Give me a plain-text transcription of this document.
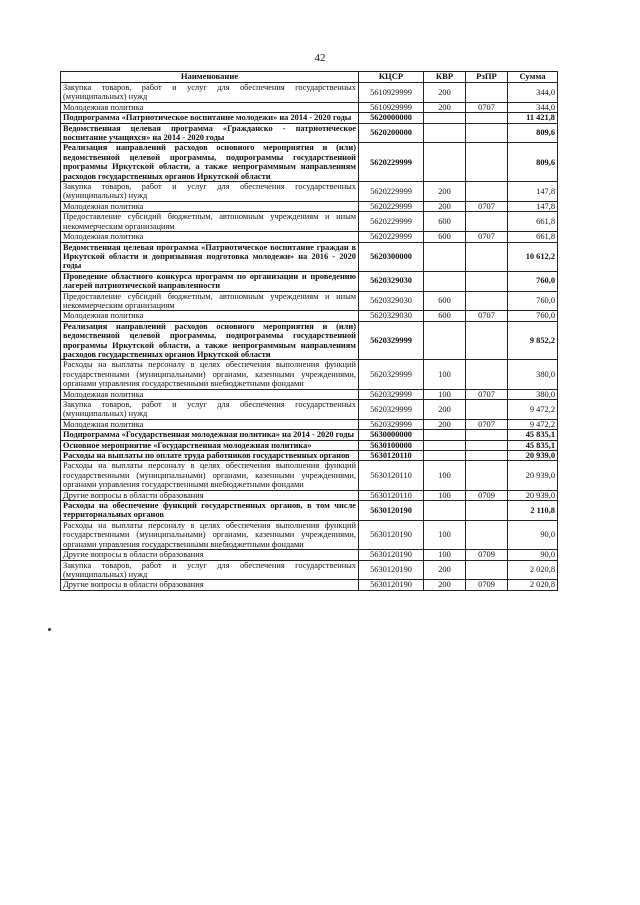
42
Наименование	КЦСР	КВР	РзПР	Сумма
Закупка товаров, работ и услуг для обеспечения государственных (муниципальных) нужд	5610929999	200		344,0
Молодежная политика	5610929999	200	0707	344,0
Подпрограмма «Патриотическое воспитание молодежи» на 2014 - 2020 годы	5620000000			11 421,8
Ведомственная целевая программа «Гражданско - патриотическое воспитание учащихся» на 2014 - 2020 годы	5620200000			809,6
Реализация направлений расходов основного мероприятия и (или) ведомственной целевой программы, подпрограммы государственной программы Иркутской области, а также непрограммным направлениям расходов государственных органов Иркутской области	5620229999			809,6
Закупка товаров, работ и услуг для обеспечения государственных (муниципальных) нужд	5620229999	200		147,8
Молодежная политика	5620229999	200	0707	147,8
Предоставление субсидий бюджетным, автономным учреждениям и иным некоммерческим организациям	5620229999	600		661,8
Молодежная политика	5620229999	600	0707	661,8
Ведомственная целевая программа «Патриотическое воспитание граждан в Иркутской области и допризывная подготовка молодежи» на 2016 - 2020 годы	5620300000			10 612,2
Проведение областного конкурса программ по организации и проведению лагерей патриотической направленности	5620329030			760,0
Предоставление субсидий бюджетным, автономным учреждениям и иным некоммерческим организациям	5620329030	600		760,0
Молодежная политика	5620329030	600	0707	760,0
Реализация направлений расходов основного мероприятия и (или) ведомственной целевой программы, подпрограммы государственной программы Иркутской области, а также непрограммным направлениям расходов государственных органов Иркутской области	5620329999			9 852,2
Расходы на выплаты персоналу в целях обеспечения выполнения функций государственными (муниципальными) органами, казенными учреждениями, органами управления государственными внебюджетными фондами	5620329999	100		380,0
Молодежная политика	5620329999	100	0707	380,0
Закупка товаров, работ и услуг для обеспечения государственных (муниципальных) нужд	5620329999	200		9 472,2
Молодежная политика	5620329999	200	0707	9 472,2
Подпрограмма «Государственная молодежная политика» на 2014 - 2020 годы	5630000000			45 835,1
Основное мероприятие «Государственная молодежная политика»	5630100000			45 835,1
Расходы на выплаты по оплате труда работников государственных органов	5630120110			20 939,0
Расходы на выплаты персоналу в целях обеспечения выполнения функций государственными (муниципальными) органами, казенными учреждениями, органами управления государственными внебюджетными фондами	5630120110	100		20 939,0
Другие вопросы в области образования	5630120110	100	0709	20 939,0
Расходы на обеспечение функций государственных органов, в том числе территориальных органов	5630120190			2 110,8
Расходы на выплаты персоналу в целях обеспечения выполнения функций государственными (муниципальными) органами, казенными учреждениями, органами управления государственными внебюджетными фондами	5630120190	100		90,0
Другие вопросы в области образования	5630120190	100	0709	90,0
Закупка товаров, работ и услуг для обеспечения государственных (муниципальных) нужд	5630120190	200		2 020,8
Другие вопросы в области образования	5630120190	200	0709	2 020,8
